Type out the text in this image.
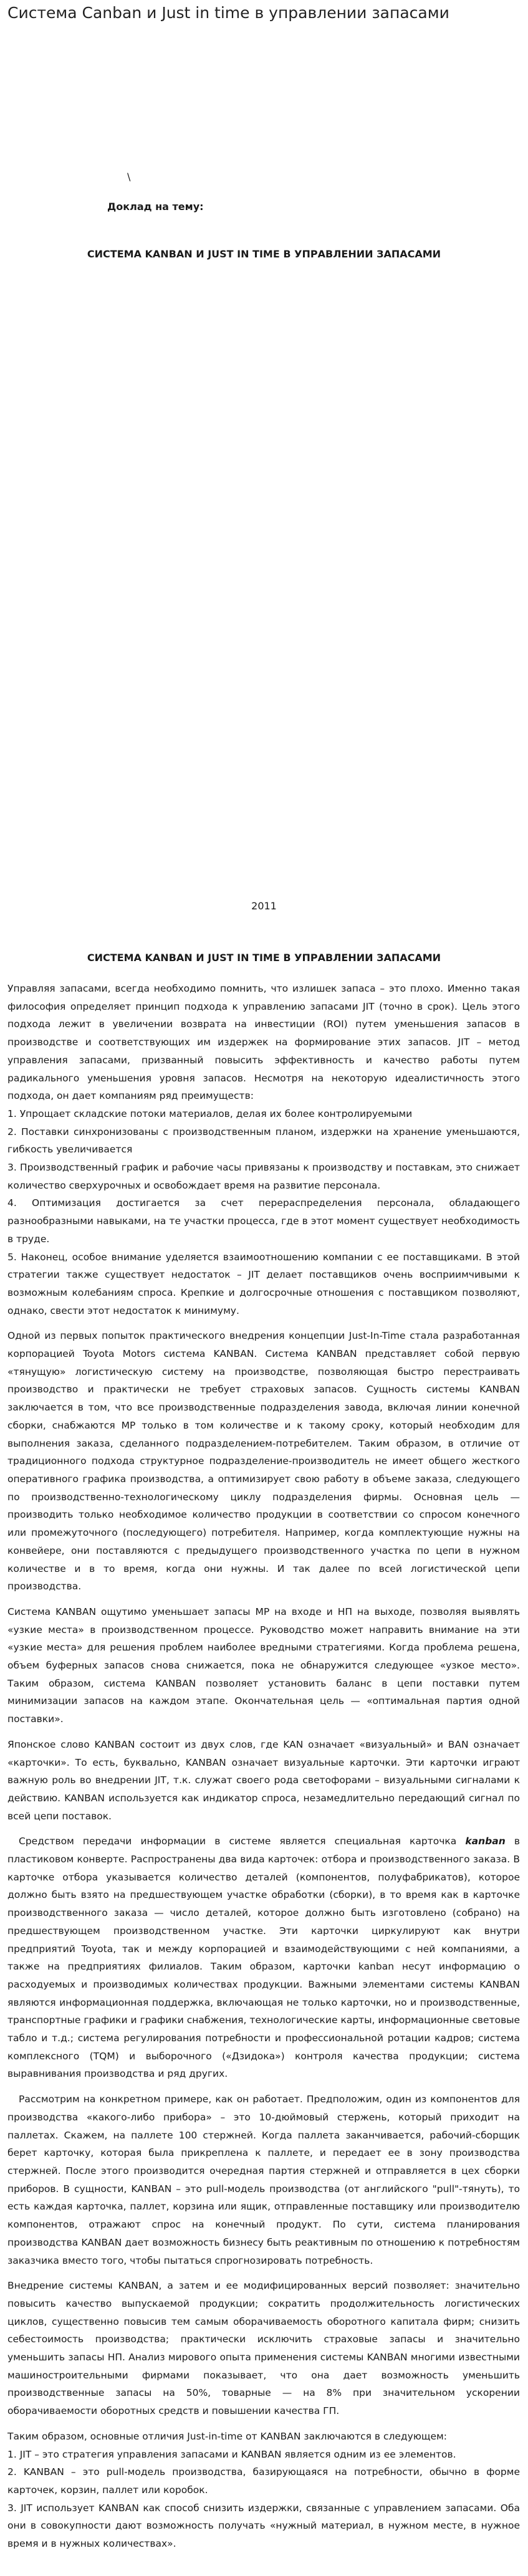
Система Canban и Just in time в управлении запасами
\
Доклад на тему:
СИСТЕМА KANBAN И JUST IN TIME В УПРАВЛЕНИИ ЗАПАСАМИ
2011
СИСТЕМА KANBAN И JUST IN TIME В УПРАВЛЕНИИ ЗАПАСАМИ

Управляя запасами, всегда необходимо помнить, что излишек запаса – это плохо. Именно такая философия определяет принцип подхода к управлению запасами JIT (точно в срок). Цель этого подхода лежит в увеличении возврата на инвестиции (ROI) путем уменьшения запасов в производстве и соответствующих им издержек на формирование этих запасов. JIT – метод управления запасами, призванный повысить эффективность и качество работы путем радикального уменьшения уровня запасов. Несмотря на некоторую идеалистичность этого подхода, он дает компаниям ряд преимуществ:

1. Упрощает складские потоки материалов, делая их более контролируемыми

2. Поставки синхронизованы с производственным планом, издержки на хранение уменьшаются, гибкость увеличивается

3. Производственный график и рабочие часы привязаны к производству и поставкам, это снижает количество сверхурочных и освобождает время на развитие персонала.

4. Оптимизация достигается за счет перераспределения персонала, обладающего разнообразными навыками, на те участки процесса, где в этот момент существует необходимость в труде.

5. Наконец, особое внимание уделяется взаимоотношению компании с ее поставщиками. В этой стратегии также существует недостаток – JIT делает поставщиков очень восприимчивыми к возможным колебаниям спроса. Крепкие и долгосрочные отношения с поставщиком позволяют, однако, свести этот недостаток к минимуму.

Одной из первых попыток практического внедрения концепции Just-In-Time стала разработанная корпорацией Toyota Motors система KANBAN. Система KANBAN представляет собой первую «тянущую» логистическую систему на производстве, позволяющая быстро перестраивать производство и практически не требует страховых запасов. Сущность системы KANBAN заключается в том, что все производственные подразделения завода, включая линии конечной сборки, снабжаются МР только в том количестве и к такому сроку, который необходим для выполнения заказа, сделанного подразделением-потребителем. Таким образом, в отличие от традиционного подхода структурное подразделение-производитель не имеет общего жесткого оперативного графика производства, а оптимизирует свою работу в объеме заказа, следующего по производственно-технологическому циклу подразделения фирмы. Основная цель — производить только необходимое количество продукции в соответствии со спросом конечного или промежуточного (последующего) потребителя. Например, когда комплектующие нужны на конвейере, они поставляются с предыдущего производственного участка по цепи в нужном количестве и в то время, когда они нужны. И так далее по всей логистической цепи производства.

Система KANBAN ощутимо уменьшает запасы МР на входе и НП на выходе, позволяя выявлять «узкие места» в производственном процессе. Руководство может направить внимание на эти «узкие места» для решения проблем наиболее вредными стратегиями. Когда проблема решена, объем буферных запасов снова снижается, пока не обнаружится следующее «узкое место». Таким образом, система KANBAN позволяет установить баланс в цепи поставки путем минимизации запасов на каждом этапе. Окончательная цель — «оптимальная партия одной поставки».

Японское слово KANBAN состоит из двух слов, где KAN означает «визуальный» и BAN означает «карточки». То есть, буквально, KANBAN означает визуальные карточки. Эти карточки играют важную роль во внедрении JIT, т.к. служат своего рода светофорами – визуальными сигналами к действию. KANBAN используется как индикатор спроса, незамедлительно передающий сигнал по всей цепи поставок.

Средством передачи информации в системе является специальная карточка kanban в пластиковом конверте. Распространены два вида карточек: отбора и производственного заказа. В карточке отбора указывается количество деталей (компонентов, полуфабрикатов), которое должно быть взято на предшествующем участке обработки (сборки), в то время как в карточке производственного заказа — число деталей, которое должно быть изготовлено (собрано) на предшествующем производственном участке. Эти карточки циркулируют как внутри предприятий Toyota, так и между корпорацией и взаимодействующими с ней компаниями, а также на предприятиях филиалов. Таким образом, карточки kanban несут информацию о расходуемых и производимых количествах продукции. Важными элементами системы KANBAN являются информационная поддержка, включающая не только карточки, но и производственные, транспортные графики и графики снабжения, технологические карты, информационные световые табло и т.д.; система регулирования потребности и профессиональной ротации кадров; система комплексного (TQM) и выборочного («Дзидока») контроля качества продукции; система выравнивания производства и ряд других.

Рассмотрим на конкретном примере, как он работает. Предположим, один из компонентов для производства «какого-либо прибора» – это 10-дюймовый стержень, который приходит на паллетах. Скажем, на паллете 100 стержней. Когда паллета заканчивается, рабочий-сборщик берет карточку, которая была прикреплена к паллете, и передает ее в зону производства стержней. После этого производится очередная партия стержней и отправляется в цех сборки приборов. В сущности, KANBAN – это pull-модель производства (от английского "pull"-тянуть), то есть каждая карточка, паллет, корзина или ящик, отправленные поставщику или производителю компонентов, отражают спрос на конечный продукт. По сути, система планирования производства KANBAN дает возможность бизнесу быть реактивным по отношению к потребностям заказчика вместо того, чтобы пытаться спрогнозировать потребность.

Внедрение системы KANBAN, а затем и ее модифицированных версий позволяет: значительно повысить качество выпускаемой продукции; сократить продолжительность логистических циклов, существенно повысив тем самым оборачиваемость оборотного капитала фирм; снизить себестоимость производства; практически исключить страховые запасы и значительно уменьшить запасы НП. Анализ мирового опыта применения системы KANBAN многими известными машиностроительными фирмами показывает, что она дает возможность уменьшить производственные запасы на 50%, товарные — на 8% при значительном ускорении оборачиваемости оборотных средств и повышении качества ГП.

Таким образом, основные отличия Just-in-time от KANBAN заключаются в следующем:

1. JIT – это стратегия управления запасами и KANBAN является одним из ее элементов.

2. KANBAN – это pull-модель производства, базирующаяся на потребности, обычно в форме карточек, корзин, паллет или коробок.

3. JIT использует KANBAN как способ снизить издержки, связанные с управлением запасами. Оба они в совокупности дают возможность получать «нужный материал, в нужном месте, в нужное время и в нужных количествах».
